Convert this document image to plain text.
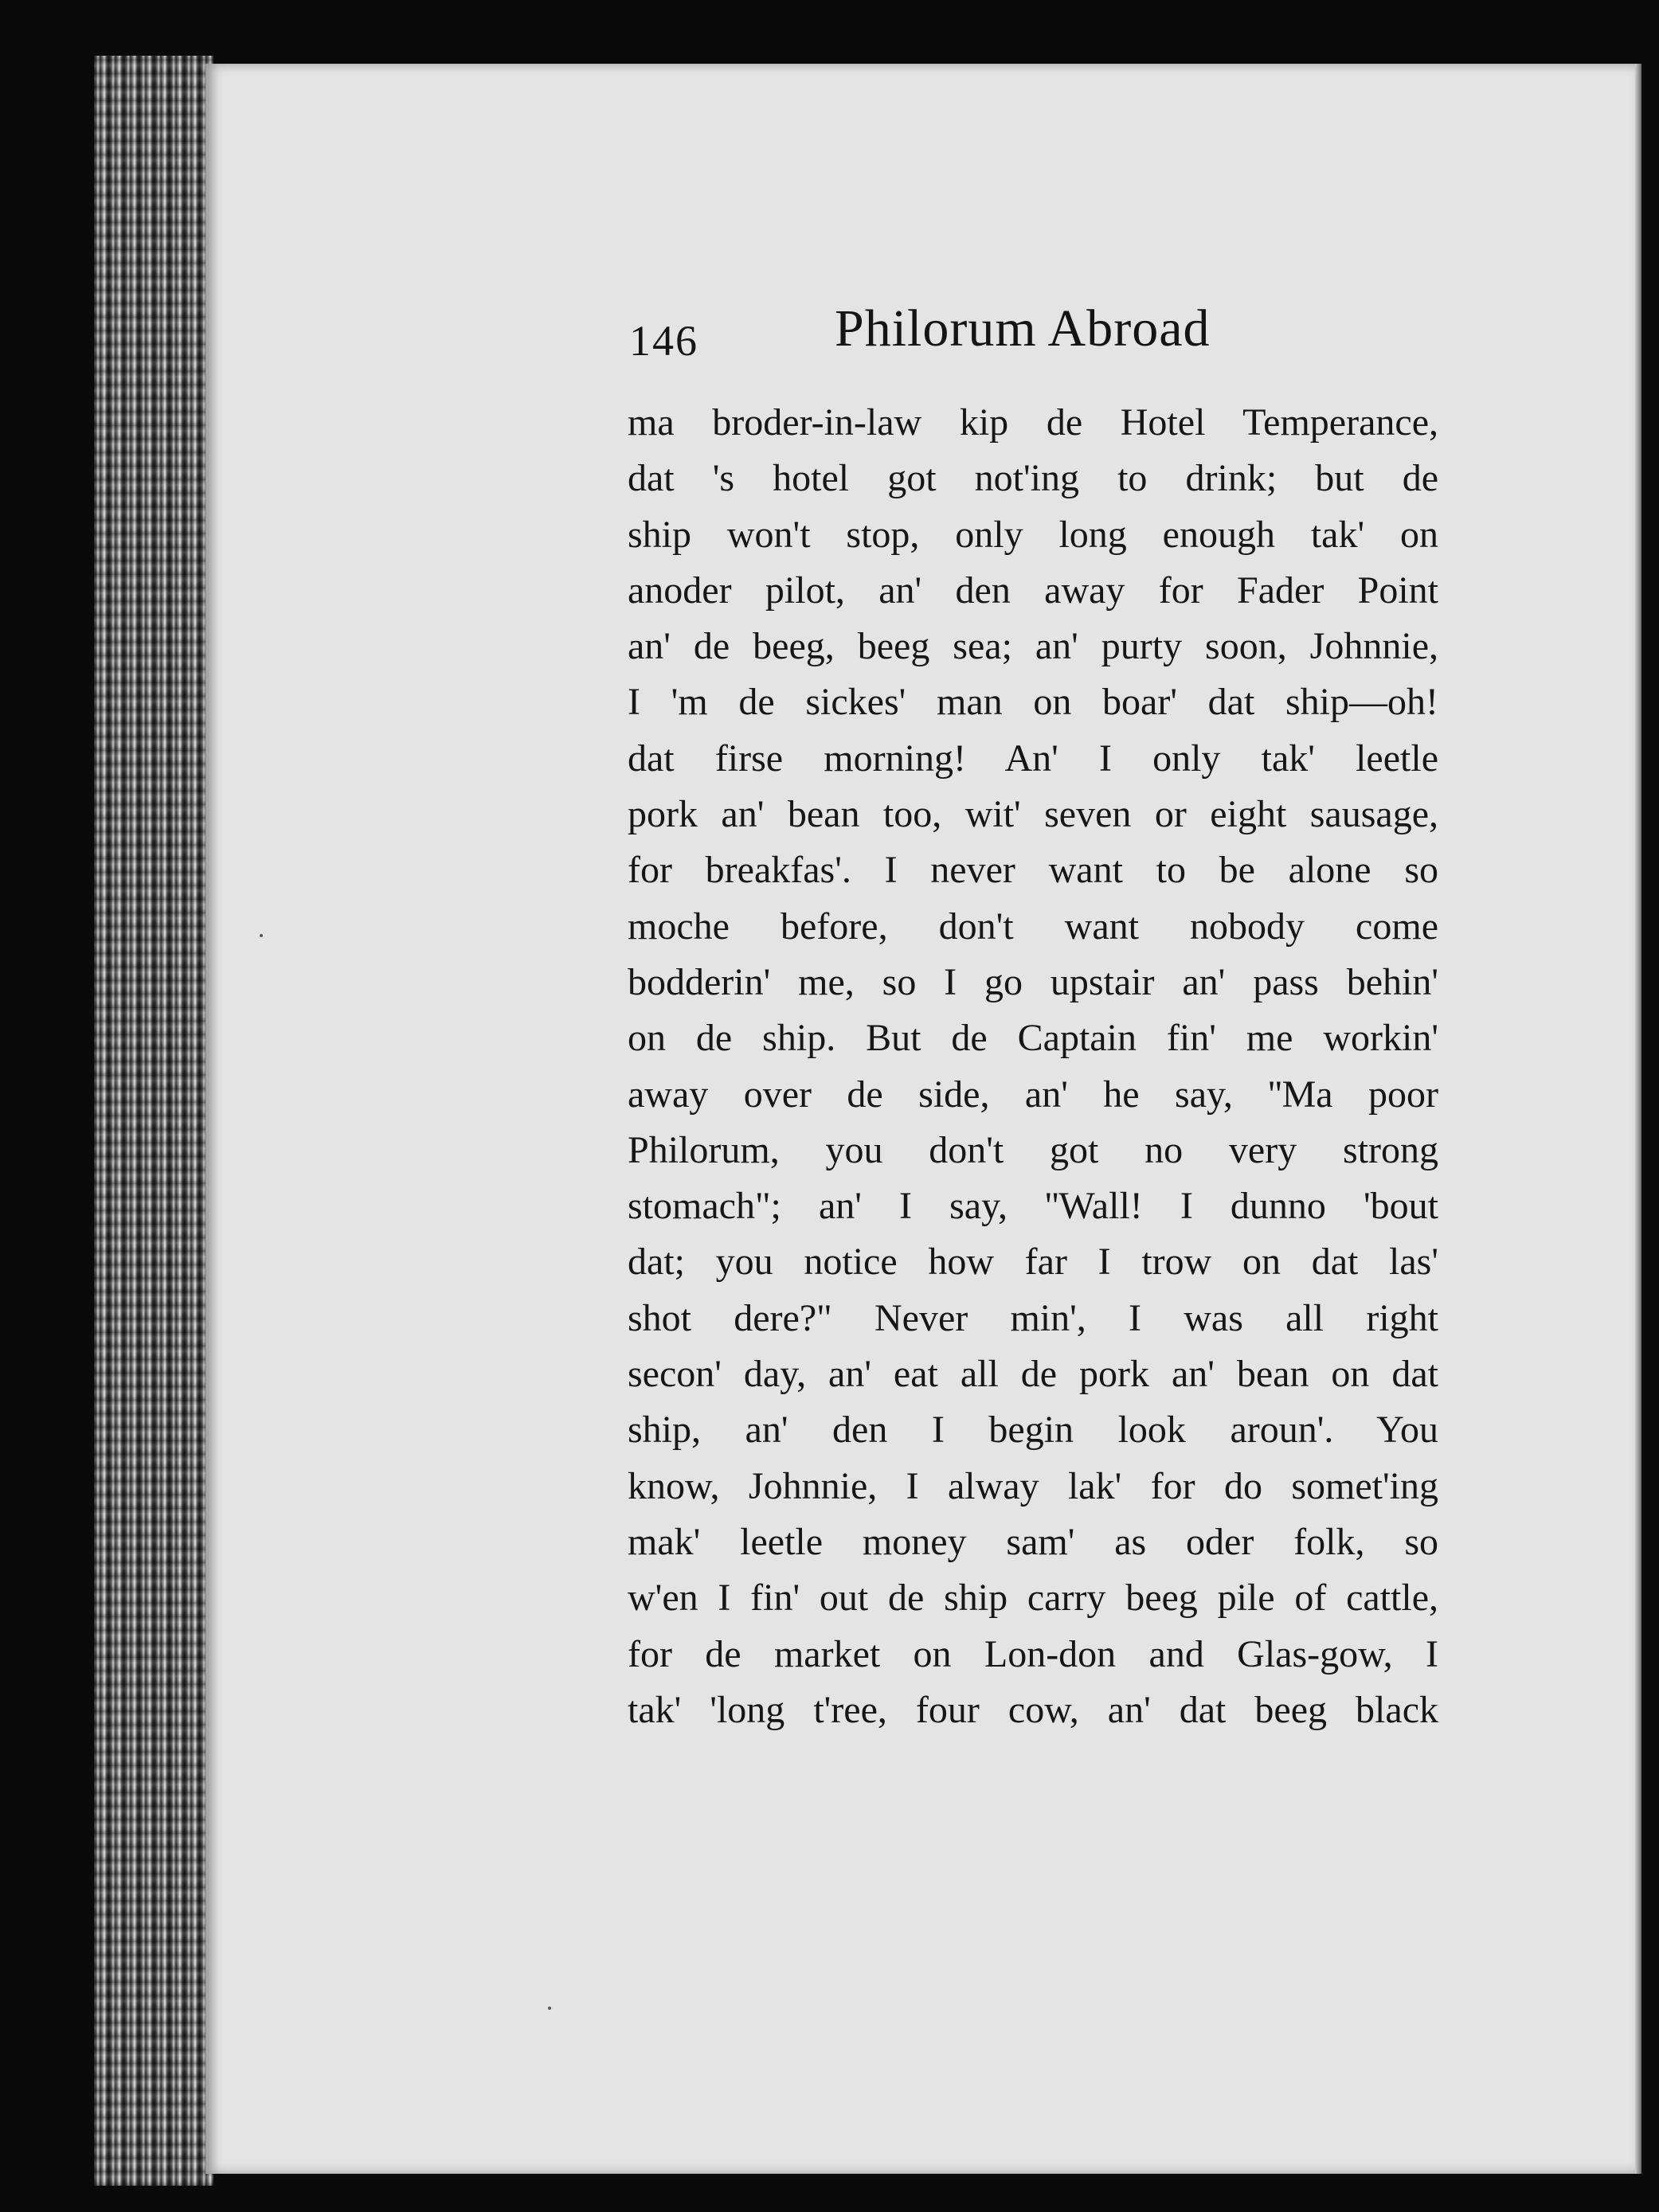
146	Philorum Abroad
ma broder-in-law kip de Hotel Temperance,
dat 's hotel got not'ing to drink; but de
ship won't stop, only long enough tak' on
anoder pilot, an' den away for Fader Point
an' de beeg, beeg sea; an' purty soon, Johnnie,
I 'm de sickes' man on boar' dat ship—oh!
dat firse morning! An' I only tak' leetle
pork an' bean too, wit' seven or eight sausage,
for breakfas'. I never want to be alone so
moche before, don't want nobody come
bodderin' me, so I go upstair an' pass behin'
on de ship. But de Captain fin' me workin'
away over de side, an' he say, ''Ma poor
Philorum, you don't got no very strong
stomach"; an' I say, ''Wall! I dunno 'bout
dat; you notice how far I trow on dat las'
shot dere?" Never min', I was all right
secon' day, an' eat all de pork an' bean on dat
ship, an' den I begin look aroun'. You
know, Johnnie, I alway lak' for do somet'ing
mak' leetle money sam' as oder folk, so
w'en I fin' out de ship carry beeg pile of cattle,
for de market on Lon-don and Glas-gow, I
tak' 'long t'ree, four cow, an' dat beeg black
